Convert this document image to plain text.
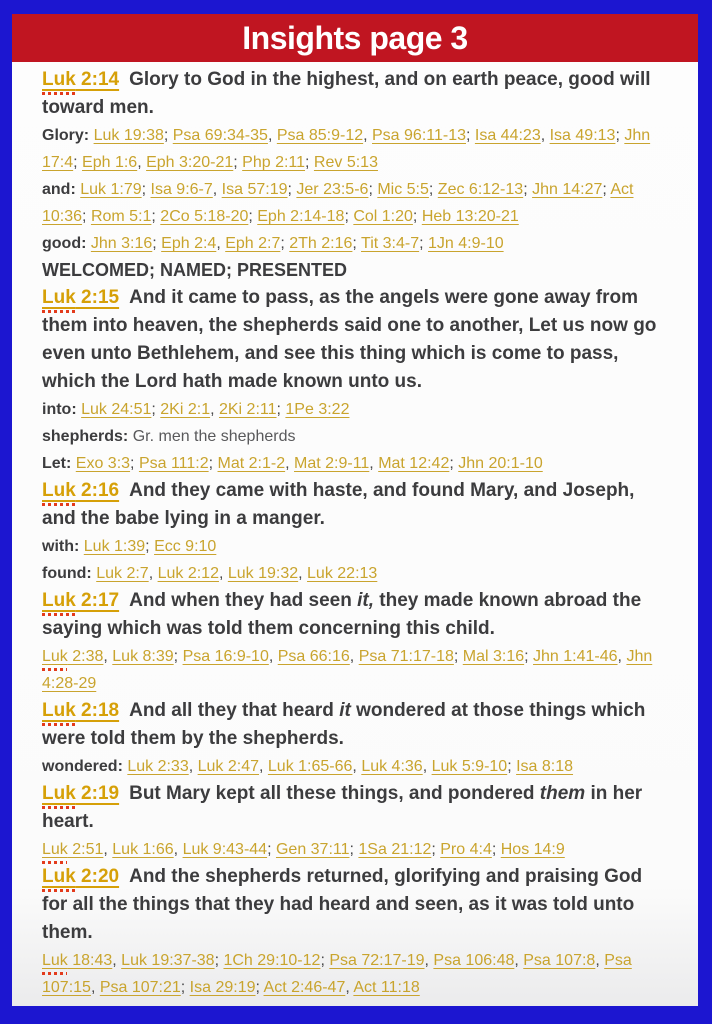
Insights page 3

Luk 2:14 Glory to God in the highest, and on earth peace, good will toward men.

Glory: Luk 19:38; Psa 69:34-35, Psa 85:9-12, Psa 96:11-13; Isa 44:23, Isa 49:13; Jhn 17:4; Eph 1:6, Eph 3:20-21; Php 2:11; Rev 5:13

and: Luk 1:79; Isa 9:6-7, Isa 57:19; Jer 23:5-6; Mic 5:5; Zec 6:12-13; Jhn 14:27; Act 10:36; Rom 5:1; 2Co 5:18-20; Eph 2:14-18; Col 1:20; Heb 13:20-21

good: Jhn 3:16; Eph 2:4, Eph 2:7; 2Th 2:16; Tit 3:4-7; 1Jn 4:9-10

WELCOMED; NAMED; PRESENTED

Luk 2:15 And it came to pass, as the angels were gone away from them into heaven, the shepherds said one to another, Let us now go even unto Bethlehem, and see this thing which is come to pass, which the Lord hath made known unto us.

into: Luk 24:51; 2Ki 2:1, 2Ki 2:11; 1Pe 3:22

shepherds: Gr. men the shepherds

Let: Exo 3:3; Psa 111:2; Mat 2:1-2, Mat 2:9-11, Mat 12:42; Jhn 20:1-10

Luk 2:16 And they came with haste, and found Mary, and Joseph, and the babe lying in a manger.

with: Luk 1:39; Ecc 9:10

found: Luk 2:7, Luk 2:12, Luk 19:32, Luk 22:13

Luk 2:17 And when they had seen it, they made known abroad the saying which was told them concerning this child.

Luk 2:38, Luk 8:39; Psa 16:9-10, Psa 66:16, Psa 71:17-18; Mal 3:16; Jhn 1:41-46, Jhn 4:28-29

Luk 2:18 And all they that heard it wondered at those things which were told them by the shepherds.

wondered: Luk 2:33, Luk 2:47, Luk 1:65-66, Luk 4:36, Luk 5:9-10; Isa 8:18

Luk 2:19 But Mary kept all these things, and pondered them in her heart.

Luk 2:51, Luk 1:66, Luk 9:43-44; Gen 37:11; 1Sa 21:12; Pro 4:4; Hos 14:9

Luk 2:20 And the shepherds returned, glorifying and praising God for all the things that they had heard and seen, as it was told unto them.

Luk 18:43, Luk 19:37-38; 1Ch 29:10-12; Psa 72:17-19, Psa 106:48, Psa 107:8, Psa 107:15, Psa 107:21; Isa 29:19; Act 2:46-47, Act 11:18
